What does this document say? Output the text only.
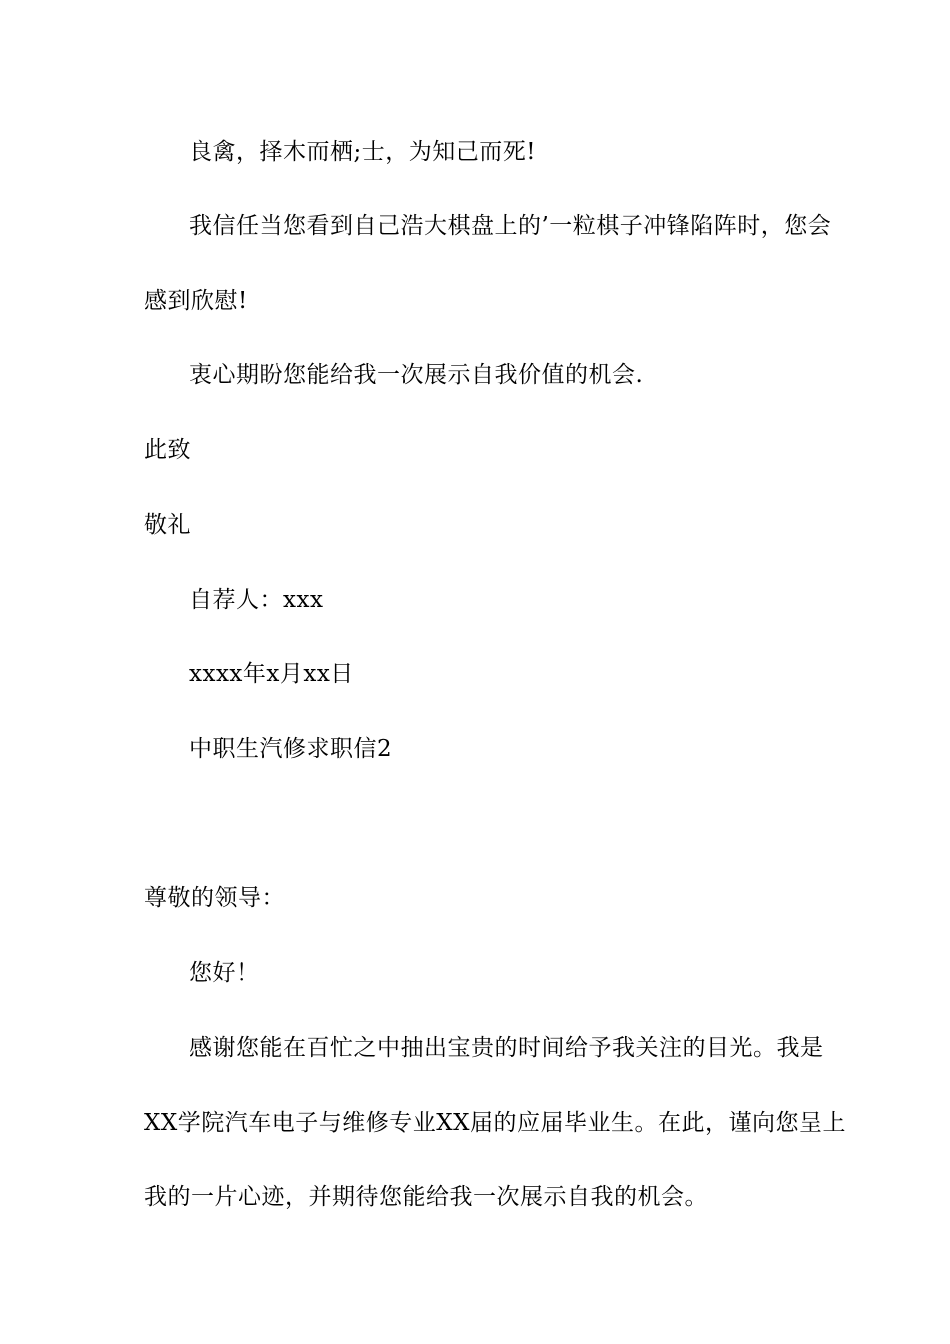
良禽，择木而栖;士，为知己而死!
我信任当您看到自己浩大棋盘上的’一粒棋子冲锋陷阵时，您会
感到欣慰!
衷心期盼您能给我一次展示自我价值的机会.
此致
敬礼
自荐人：xxx
xxxx年x月xx日
中职生汽修求职信2
尊敬的领导：
您好！
感谢您能在百忙之中抽出宝贵的时间给予我关注的目光。我是
XX学院汽车电子与维修专业XX届的应届毕业生。在此，谨向您呈上
我的一片心迹，并期待您能给我一次展示自我的机会。
